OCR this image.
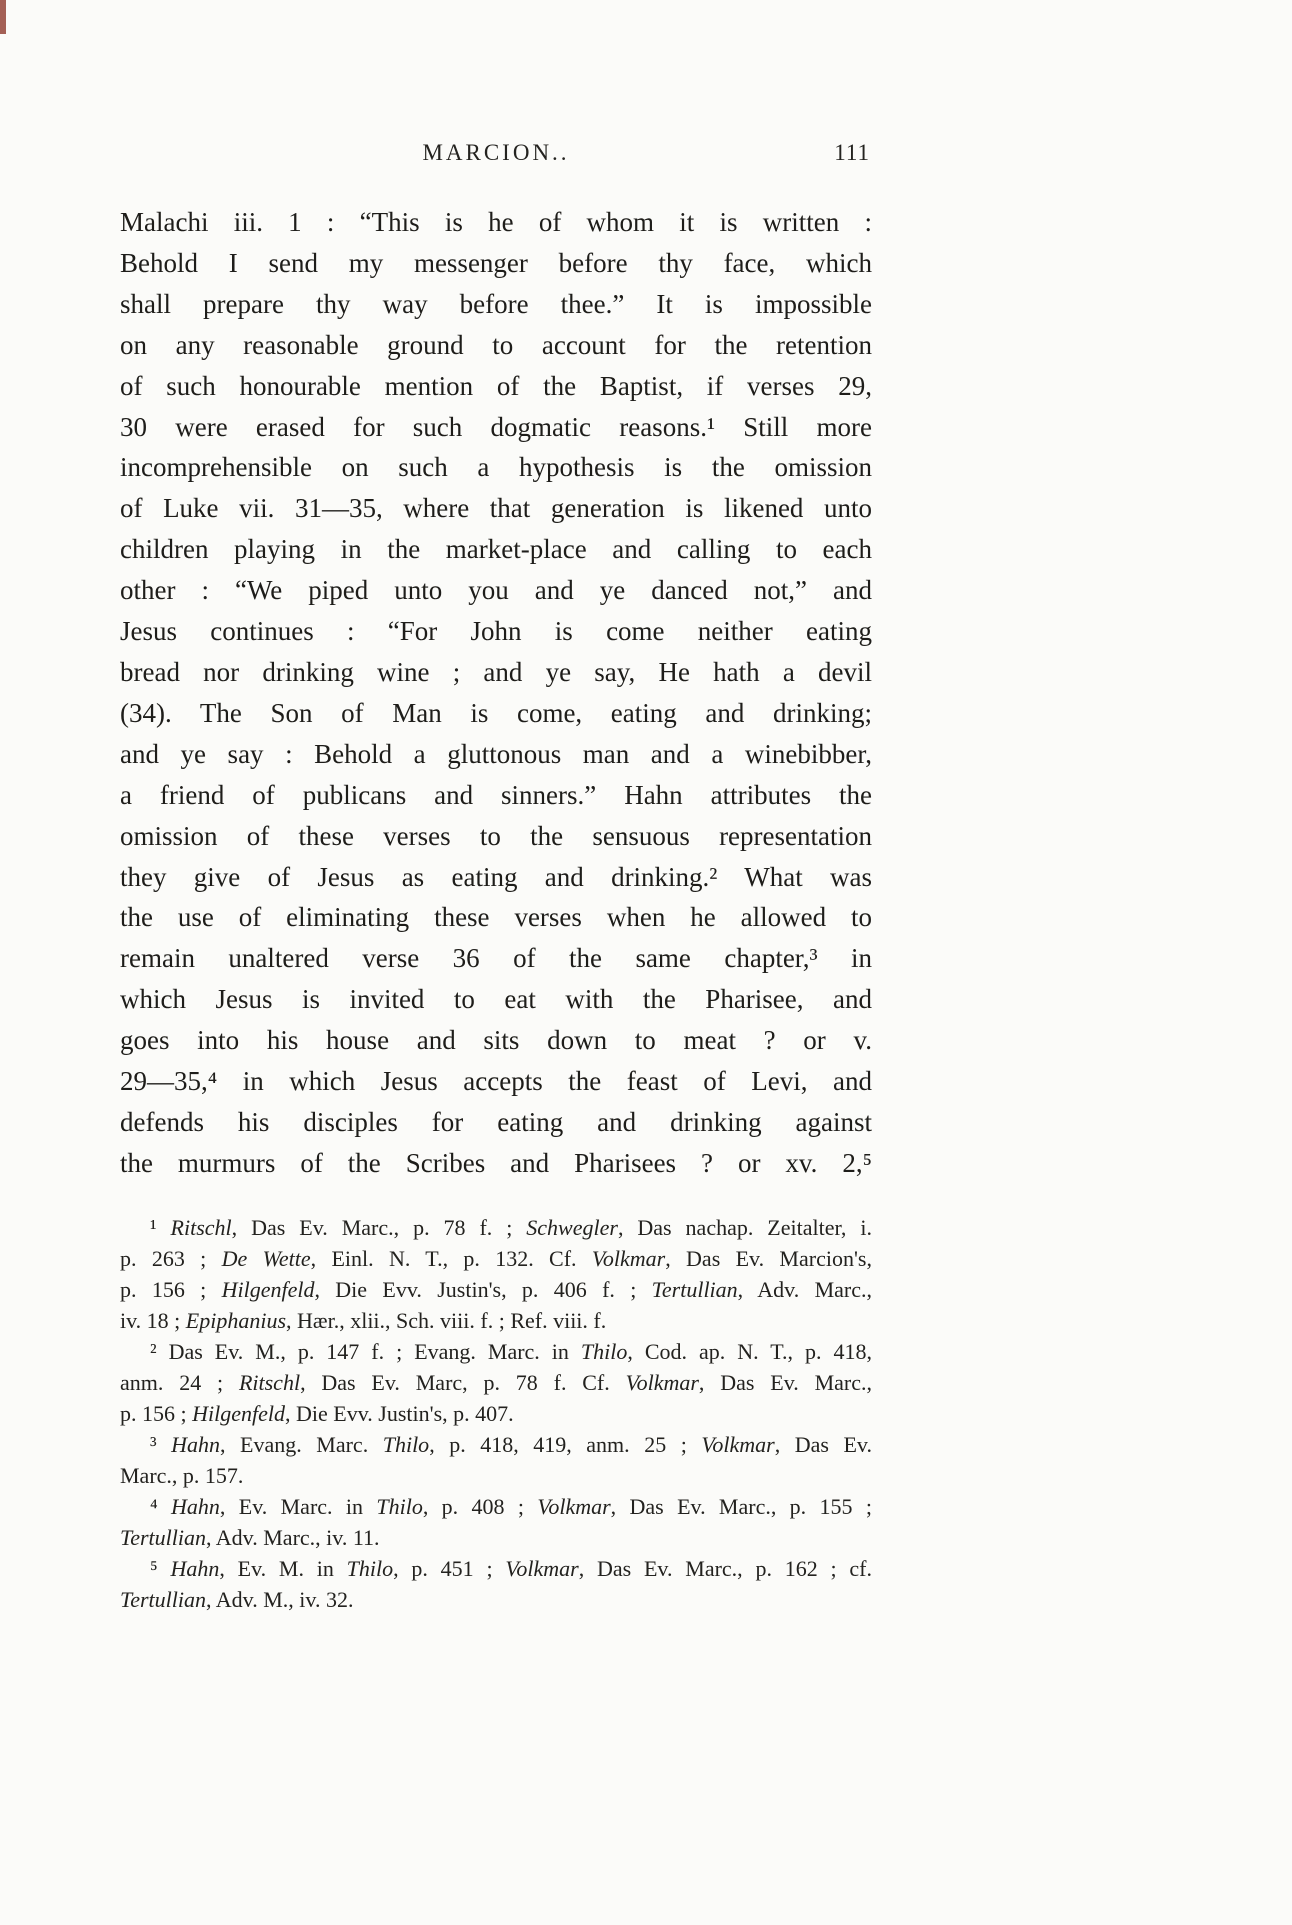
MARCION..	111
Malachi iii. 1 : “This is he of whom it is written :
Behold I send my messenger before thy face, which
shall prepare thy way before thee.” It is impossible
on any reasonable ground to account for the retention
of such honourable mention of the Baptist, if verses 29,
30 were erased for such dogmatic reasons.¹ Still more
incomprehensible on such a hypothesis is the omission
of Luke vii. 31—35, where that generation is likened unto
children playing in the market-place and calling to each
other : “We piped unto you and ye danced not,” and
Jesus continues : “For John is come neither eating
bread nor drinking wine ; and ye say, He hath a devil
(34). The Son of Man is come, eating and drinking;
and ye say : Behold a gluttonous man and a winebibber,
a friend of publicans and sinners.” Hahn attributes the
omission of these verses to the sensuous representation
they give of Jesus as eating and drinking.² What was
the use of eliminating these verses when he allowed to
remain unaltered verse 36 of the same chapter,³ in
which Jesus is invited to eat with the Pharisee, and
goes into his house and sits down to meat ? or v.
29—35,⁴ in which Jesus accepts the feast of Levi, and
defends his disciples for eating and drinking against
the murmurs of the Scribes and Pharisees ? or xv. 2,⁵
¹ Ritschl, Das Ev. Marc., p. 78 f. ; Schwegler, Das nachap. Zeitalter, i.
p. 263 ; De Wette, Einl. N. T., p. 132. Cf. Volkmar, Das Ev. Marcion's,
p. 156 ; Hilgenfeld, Die Evv. Justin's, p. 406 f. ; Tertullian, Adv. Marc.,
iv. 18 ; Epiphanius, Hær., xlii., Sch. viii. f. ; Ref. viii. f.
² Das Ev. M., p. 147 f. ; Evang. Marc. in Thilo, Cod. ap. N. T., p. 418,
anm. 24 ; Ritschl, Das Ev. Marc, p. 78 f. Cf. Volkmar, Das Ev. Marc.,
p. 156 ; Hilgenfeld, Die Evv. Justin's, p. 407.
³ Hahn, Evang. Marc. Thilo, p. 418, 419, anm. 25 ; Volkmar, Das Ev.
Marc., p. 157.
⁴ Hahn, Ev. Marc. in Thilo, p. 408 ; Volkmar, Das Ev. Marc., p. 155 ;
Tertullian, Adv. Marc., iv. 11.
⁵ Hahn, Ev. M. in Thilo, p. 451 ; Volkmar, Das Ev. Marc., p. 162 ; cf.
Tertullian, Adv. M., iv. 32.
